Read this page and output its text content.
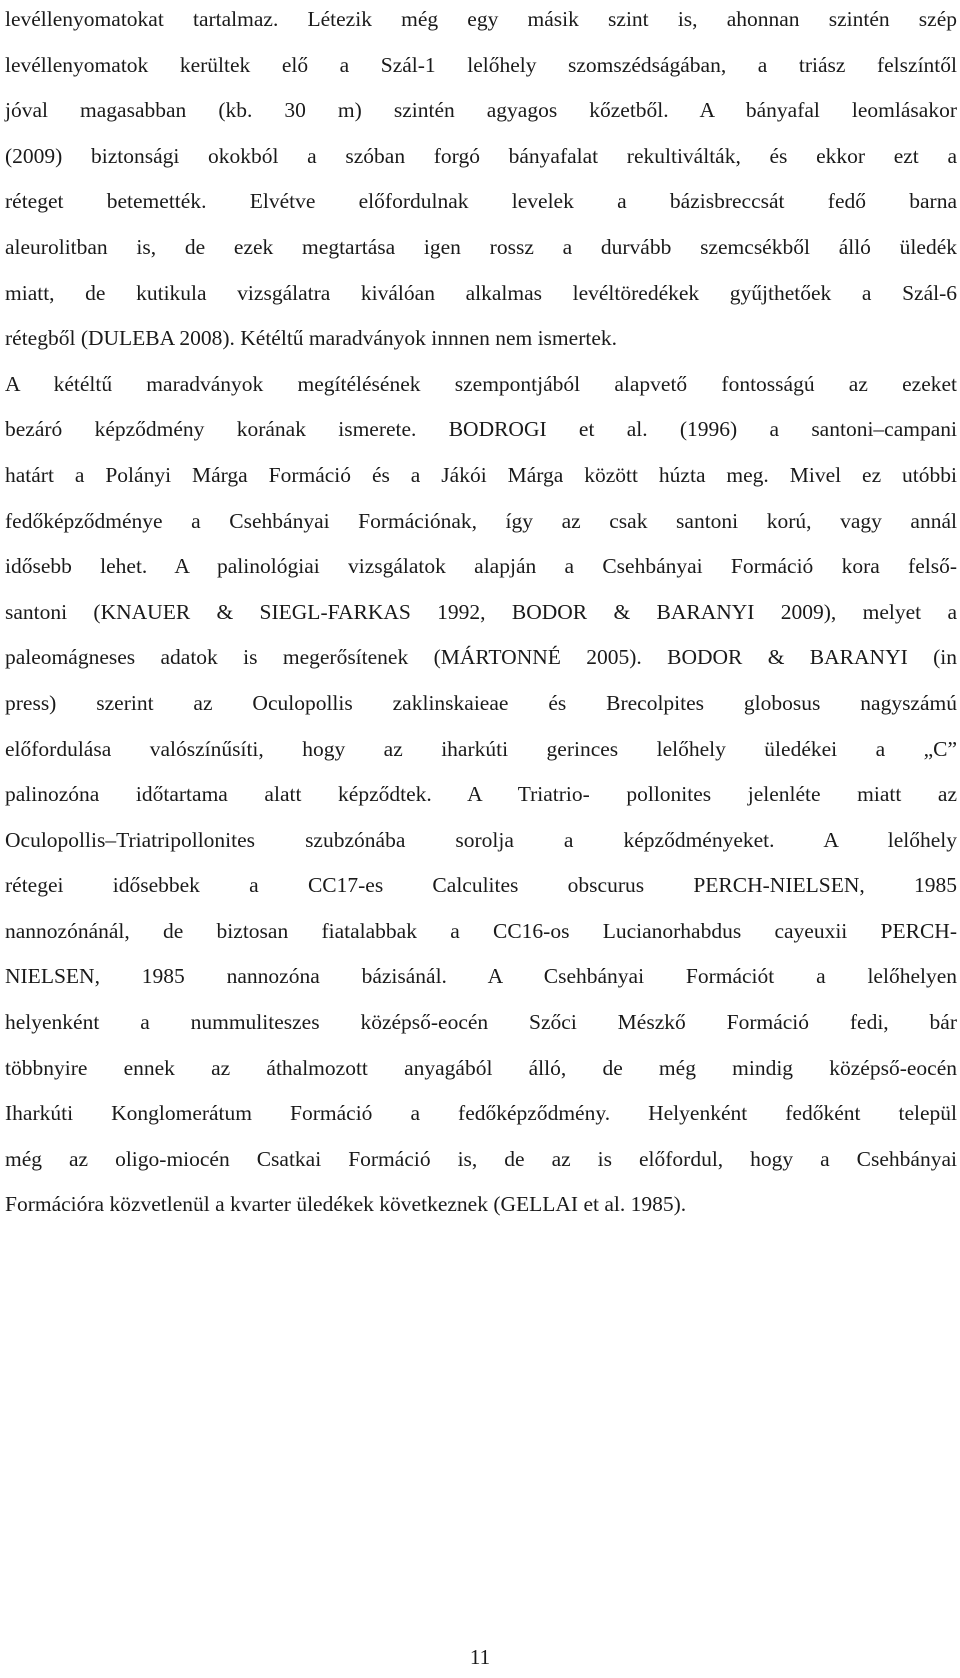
levéllenyomatokat tartalmaz. Létezik még egy másik szint is, ahonnan szintén szép
levéllenyomatok kerültek elő a Szál-1 lelőhely szomszédságában, a triász felszíntől
jóval magasabban (kb. 30 m) szintén agyagos kőzetből. A bányafal leomlásakor
(2009) biztonsági okokból a szóban forgó bányafalat rekultiválták, és ekkor ezt a
réteget betemették. Elvétve előfordulnak levelek a bázisbreccsát fedő barna
aleurolitban is, de ezek megtartása igen rossz a durvább szemcsékből álló üledék
miatt, de kutikula vizsgálatra kiválóan alkalmas levéltöredékek gyűjthetőek a Szál-6
rétegből (DULEBA 2008). Kétéltű maradványok innnen nem ismertek.
A kétéltű maradványok megítélésének szempontjából alapvető fontosságú az ezeket
bezáró képződmény korának ismerete. BODROGI et al. (1996) a santoni–campani
határt a Polányi Márga Formáció és a Jákói Márga között húzta meg. Mivel ez utóbbi
fedőképződménye a Csehbányai Formációnak, így az csak santoni korú, vagy annál
idősebb lehet. A palinológiai vizsgálatok alapján a Csehbányai Formáció kora felső-
santoni (KNAUER & SIEGL-FARKAS 1992, BODOR & BARANYI 2009), melyet a
paleomágneses adatok is megerősítenek (MÁRTONNÉ 2005). BODOR & BARANYI (in
press) szerint az Oculopollis zaklinskaieae és Brecolpites globosus nagyszámú
előfordulása valószínűsíti, hogy az iharkúti gerinces lelőhely üledékei a „C”
palinozóna időtartama alatt képződtek. A Triatrio- pollonites jelenléte miatt az
Oculopollis–Triatripollonites szubzónába sorolja a képződményeket. A lelőhely
rétegei idősebbek a CC17-es Calculites obscurus PERCH-NIELSEN, 1985
nannozónánál, de biztosan fiatalabbak a CC16-os Lucianorhabdus cayeuxii PERCH-
NIELSEN, 1985 nannozóna bázisánál. A Csehbányai Formációt a lelőhelyen
helyenként a nummuliteszes középső-eocén Szőci Mészkő Formáció fedi, bár
többnyire ennek az áthalmozott anyagából álló, de még mindig középső-eocén
Iharkúti Konglomerátum Formáció a fedőképződmény. Helyenként fedőként települ
még az oligo-miocén Csatkai Formáció is, de az is előfordul, hogy a Csehbányai
Formációra közvetlenül a kvarter üledékek következnek (GELLAI et al. 1985).
11
